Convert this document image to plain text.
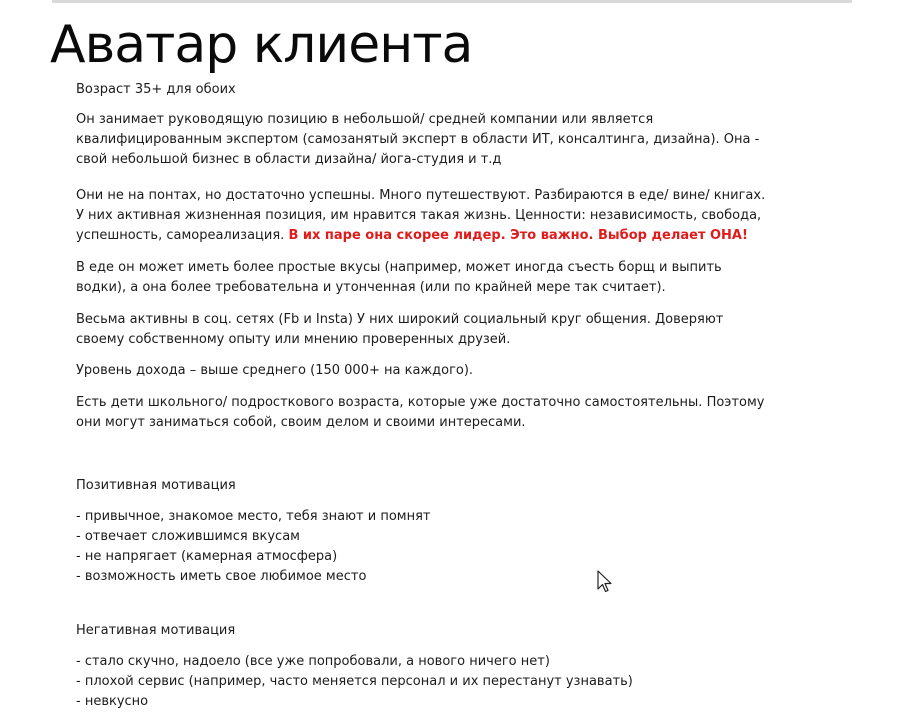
Аватар клиента
Возраст 35+ для обоих
Он занимает руководящую позицию в небольшой/ средней компании или является
квалифицированным экспертом (самозанятый эксперт в области ИТ, консалтинга, дизайна). Она -
свой небольшой бизнес в области дизайна/ йога-студия и т.д
Они не на понтах, но достаточно успешны. Много путешествуют. Разбираются в еде/ вине/ книгах.
У них активная жизненная позиция, им нравится такая жизнь. Ценности: независимость, свобода,
успешность, самореализация. В их паре она скорее лидер. Это важно. Выбор делает ОНА!
В еде он может иметь более простые вкусы (например, может иногда съесть борщ и выпить
водки), а она более требовательна и утонченная (или по крайней мере так считает).
Весьма активны в соц. сетях (Fb и Insta) У них широкий социальный круг общения. Доверяют
своему собственному опыту или мнению проверенных друзей.
Уровень дохода – выше среднего (150 000+ на каждого).
Есть дети школьного/ подросткового возраста, которые уже достаточно самостоятельны. Поэтому
они могут заниматься собой, своим делом и своими интересами.
Позитивная мотивация
- привычное, знакомое место, тебя знают и помнят
- отвечает сложившимся вкусам
- не напрягает (камерная атмосфера)
- возможность иметь свое любимое место
Негативная мотивация
- стало скучно, надоело (все уже попробовали, а нового ничего нет)
- плохой сервис (например, часто меняется персонал и их перестанут узнавать)
- невкусно
